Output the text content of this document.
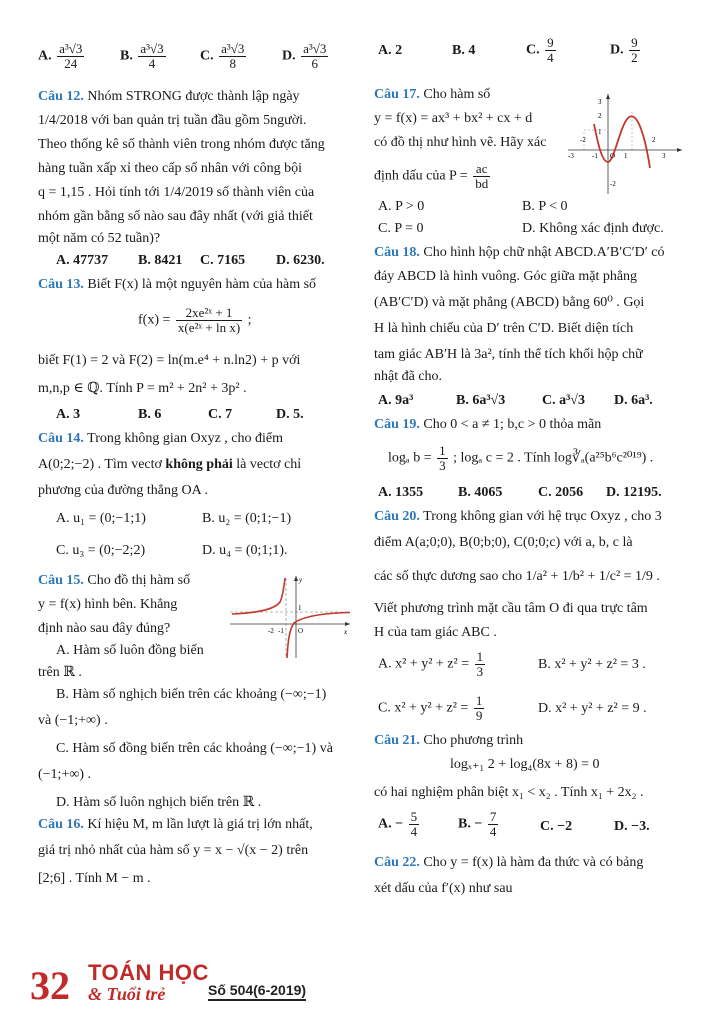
A. $\frac{\text{a³√3}}{24}$	B. $\frac{\text{a³√3}}{4} C$. $\frac{\text{a³√3}}{8}$	D. $\frac{\text{a³√3}}{6}$
Câu 12. Nhóm STRONG được thành lập ngày
1/4/2018 với ban quản trị tuần đầu gồm 5người.
Theo thống kê số thành viên trong nhóm được tăng
hàng tuần xấp xỉ theo cấp số nhân với công bội
q = 1,15 . Hỏi tính tới 1/4/2019 số thành viên của
nhóm gần bằng số nào sau đây nhất (với giả thiết
một năm có 52 tuần)?
A. 47737 B. 8421 C. 7165 D. 6230.
Câu 13. Biết F(x) là một nguyên hàm của hàm số
$f(x) = \frac{\text{2xe²ˣ + 1}}{\text{x(e²ˣ + ln x)}}$ ;
biết F(1) = 2 và F(2) = ln(m.e⁴ + n.ln2) + p với
m,n,p ∈ ℚ. Tính P = m² + 2n² + 3p² .
A. 3	B. 6	C. 7	D. 5.
Câu 14. Trong không gian Oxyz , cho điểm
A(0;2;−2) . Tìm vectơ không phải là vectơ chỉ
phương của đường thẳng OA .
A. u₁ = (0;−1;1)	B. u₂ = (0;1;−1)
C. u₃ = (0;−2;2)	D. u₄ = (0;1;1).
Câu 15. Cho đồ thị hàm số
y = f(x) hình bên. Khẳng
định nào sau đây đúng?
A. Hàm số luôn đồng biến
trên ℝ .
y
x
1
-2 -1 O
B. Hàm số nghịch biến trên các khoảng (−∞;−1)
và (−1;+∞) .
C. Hàm số đồng biến trên các khoảng (−∞;−1) và
(−1;+∞) .
D. Hàm số luôn nghịch biến trên ℝ .
Câu 16. Kí hiệu M, m lần lượt là giá trị lớn nhất,
giá trị nhỏ nhất của hàm số y = x − √(x − 2) trên
[2;6] . Tính M − m .
A. 2	B. 4	C. $\frac{9}{4}$	D. $\frac{9}{2}$
Câu 17. Cho hàm số
y = f(x) = ax³ + bx² + cx + d
có đồ thị như hình vẽ. Hãy xác
định dấu của $P = \frac{ac}{bd}$
3
2
1
-1
-2
-3
-2
1
2
3
O
A. P > 0	B. P < 0
C. P = 0	D. Không xác định được.
Câu 18. Cho hình hộp chữ nhật ABCD.A′B′C′D′ có
đáy ABCD là hình vuông. Góc giữa mặt phẳng
(AB′C′D) và mặt phẳng (ABCD) bằng 60⁰ . Gọi
H là hình chiếu của D′ trên C′D. Biết diện tích
tam giác AB′H là 3a², tính thể tích khối hộp chữ
nhật đã cho.
A. 9a³	B. 6a³√3	C. a³√3 D. 6a³.
Câu 19. Cho 0 < a ≠ 1; b,c > 0 thỏa mãn
logₐ $b = \frac{1}{3}$ ; logₐ c = 2 . Tính log∛ₐ(a²⁵b⁶c²⁰¹⁹) .
A. 1355 B. 4065	C. 2056 D. 12195.
Câu 20. Trong không gian với hệ trục Oxyz , cho 3
điểm A(a;0;0), B(0;b;0), C(0;0;c) với a, b, c là
các số thực dương sao cho 1/a² + 1/b² + 1/c² = 1/9 .
Viết phương trình mặt cầu tâm O đi qua trực tâm
H của tam giác ABC .
A. $x^2 + y^2 + z^2 = \frac{1}{3}$	B. x² + y² + z² = 3 .
C. $x^2 + y^2 + z^2 = \frac{1}{9}$	D. x² + y² + z² = 9 .
Câu 21. Cho phương trình
logₓ₊₁ 2 + log₄(8x + 8) = 0
có hai nghiệm phân biệt x₁ < x₂ . Tính x₁ + 2x₂ .
A. − $\frac{5}{4}$	B. − $\frac{7}{4}$	C. −2	D. −3.
Câu 22. Cho y = f(x) là hàm đa thức và có bảng
xét dấu của f′(x) như sau
32 TOÁN HỌC
& Tuổi trẻ	Số 504(6-2019)
